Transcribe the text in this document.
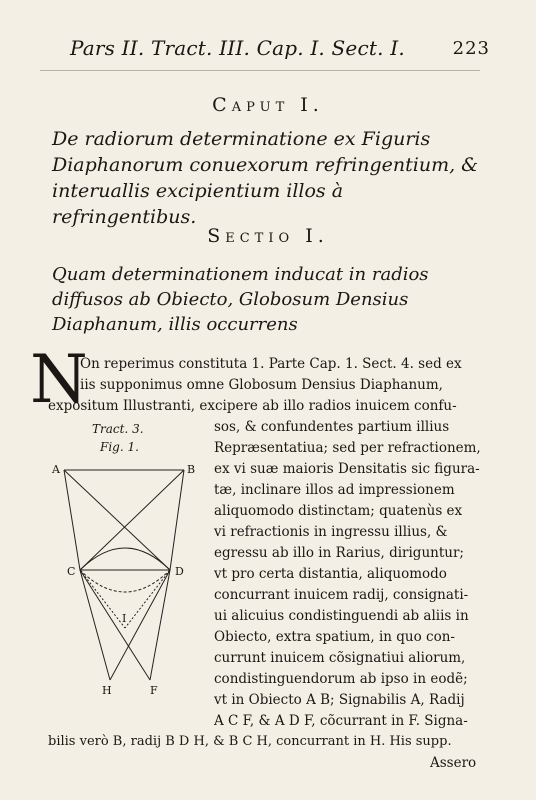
Pars II. Tract. III. Cap. I. Sect. I.	223
Caput I.
De radiorum determinatione ex Figuris Diaphanorum conuexorum refringentium, & interuallis excipientium illos à refringentibus.
Sectio I.
Quam determinationem inducat in radios diffusos ab Obiecto, Globosum Densius Diaphanum, illis occurrens
N
On reperimus constituta 1. Parte Cap. 1. Sect. 4. sed ex
iis supponimus omne Globosum Densius Diaphanum,
expositum Illustranti, excipere ab illo radios inuicem confu-
sos, & confundentes partium illius
Repræsentatiua; sed per refractionem,
ex vi suæ maioris Densitatis sic figura-
tæ, inclinare illos ad impressionem
aliquomodo distinctam; quatenùs ex
vi refractionis in ingressu illius, &
egressu ab illo in Rarius, diriguntur;
vt pro certa distantia, aliquomodo
concurrant inuicem radij, consignati-
ui alicuius condistinguendi ab aliis in
Obiecto, extra spatium, in quo con-
currunt inuicem cõsignatiui aliorum,
condistinguendorum ab ipso in eodẽ;
vt in Obiecto A B; Signabilis A, Radij
A C F, & A D F, cõcurrant in F. Signa-
bilis verò B, radij B D H, & B C H, concurrant in H. His supp.
Assero
Tract. 3.
Fig. 1.
A	B
C	D
I
H	F
